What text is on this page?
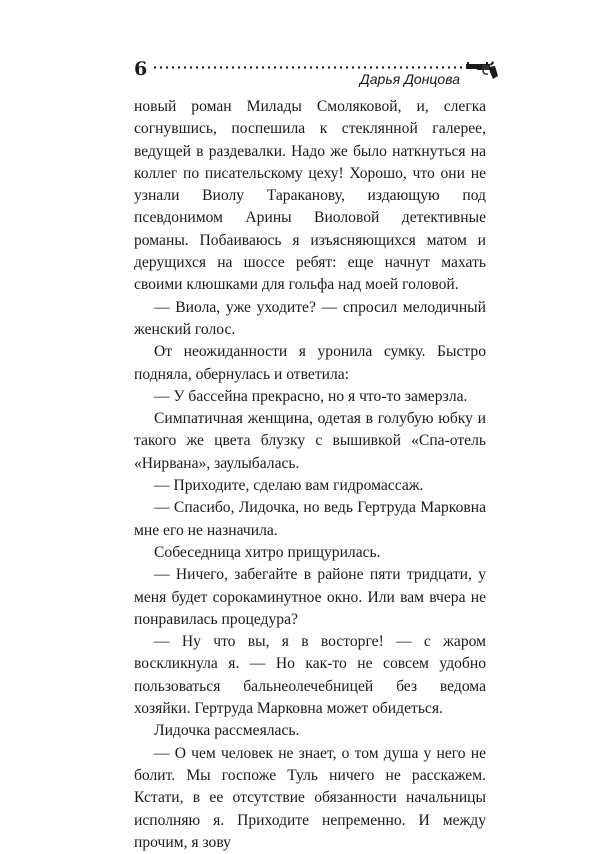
6	Дарья Донцова

новый роман Милады Смоляковой, и, слегка согнувшись, поспешила к стеклянной галерее, ведущей в раздевалки. Надо же было наткнуться на коллег по писательскому цеху! Хорошо, что они не узнали Виолу Тараканову, издающую под псевдонимом Арины Виоловой детективные романы. Побаиваюсь я изъясняющихся матом и дерущихся на шоссе ребят: еще начнут махать своими клюшками для гольфа над моей головой.

— Виола, уже уходите? — спросил мелодичный женский голос.

От неожиданности я уронила сумку. Быстро подняла, обернулась и ответила:

— У бассейна прекрасно, но я что-то замерзла.

Симпатичная женщина, одетая в голубую юбку и такого же цвета блузку с вышивкой «Спа-отель «Нирвана», заулыбалась.

— Приходите, сделаю вам гидромассаж.

— Спасибо, Лидочка, но ведь Гертруда Марковна мне его не назначила.

Собеседница хитро прищурилась.

— Ничего, забегайте в районе пяти тридцати, у меня будет сорокаминутное окно. Или вам вчера не понравилась процедура?

— Ну что вы, я в восторге! — с жаром воскликнула я. — Но как-то не совсем удобно пользоваться бальнеолечебницей без ведома хозяйки. Гертруда Марковна может обидеться.

Лидочка рассмеялась.

— О чем человек не знает, о том душа у него не болит. Мы госпоже Туль ничего не расскажем. Кстати, в ее отсутствие обязанности начальницы исполняю я. Приходите непременно. И между прочим, я зову
